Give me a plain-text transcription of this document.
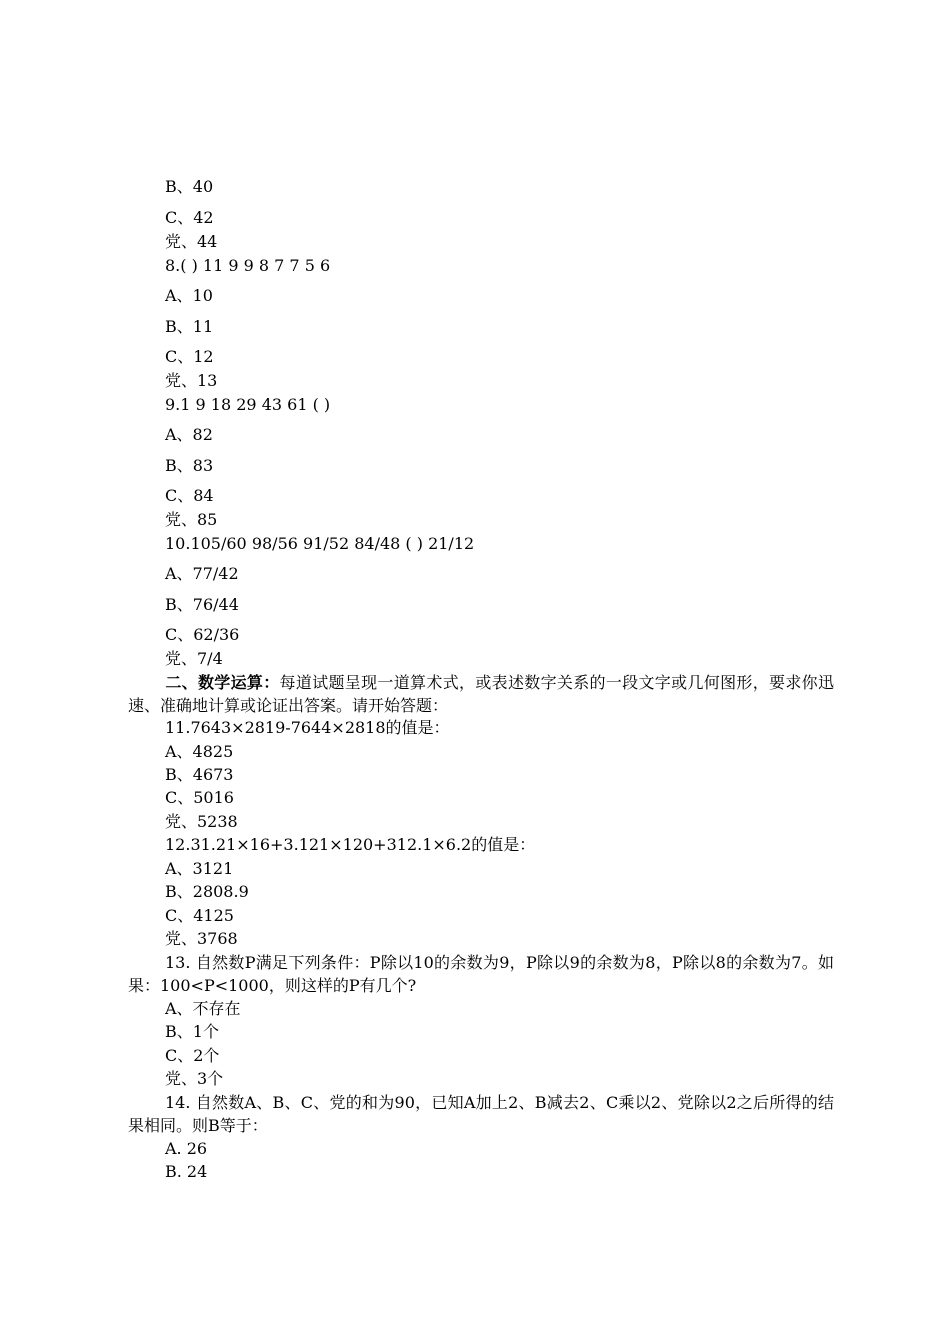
B、40
C、42
党、44
8.( ) 11 9 9 8 7 7 5 6
A、10
B、11
C、12
党、13
9.1 9 18 29 43 61 ( )
A、82
B、83
C、84
党、85
10.105/60 98/56 91/52 84/48 ( ) 21/12
A、77/42
B、76/44
C、62/36
党、7/4
二、数学运算：每道试题呈现一道算术式，或表述数字关系的一段文字或几何图形，要求你迅速、准确地计算或论证出答案。请开始答题：
11.7643×2819-7644×2818的值是：
A、4825
B、4673
C、5016
党、5238
12.31.21×16+3.121×120+312.1×6.2的值是：
A、3121
B、2808.9
C、4125
党、3768
13. 自然数P满足下列条件：P除以10的余数为9，P除以9的余数为8，P除以8的余数为7。如果：100<P<1000，则这样的P有几个?
A、不存在
B、1个
C、2个
党、3个
14. 自然数A、B、C、党的和为90，已知A加上2、B减去2、C乘以2、党除以2之后所得的结果相同。则B等于：
A. 26
B. 24
